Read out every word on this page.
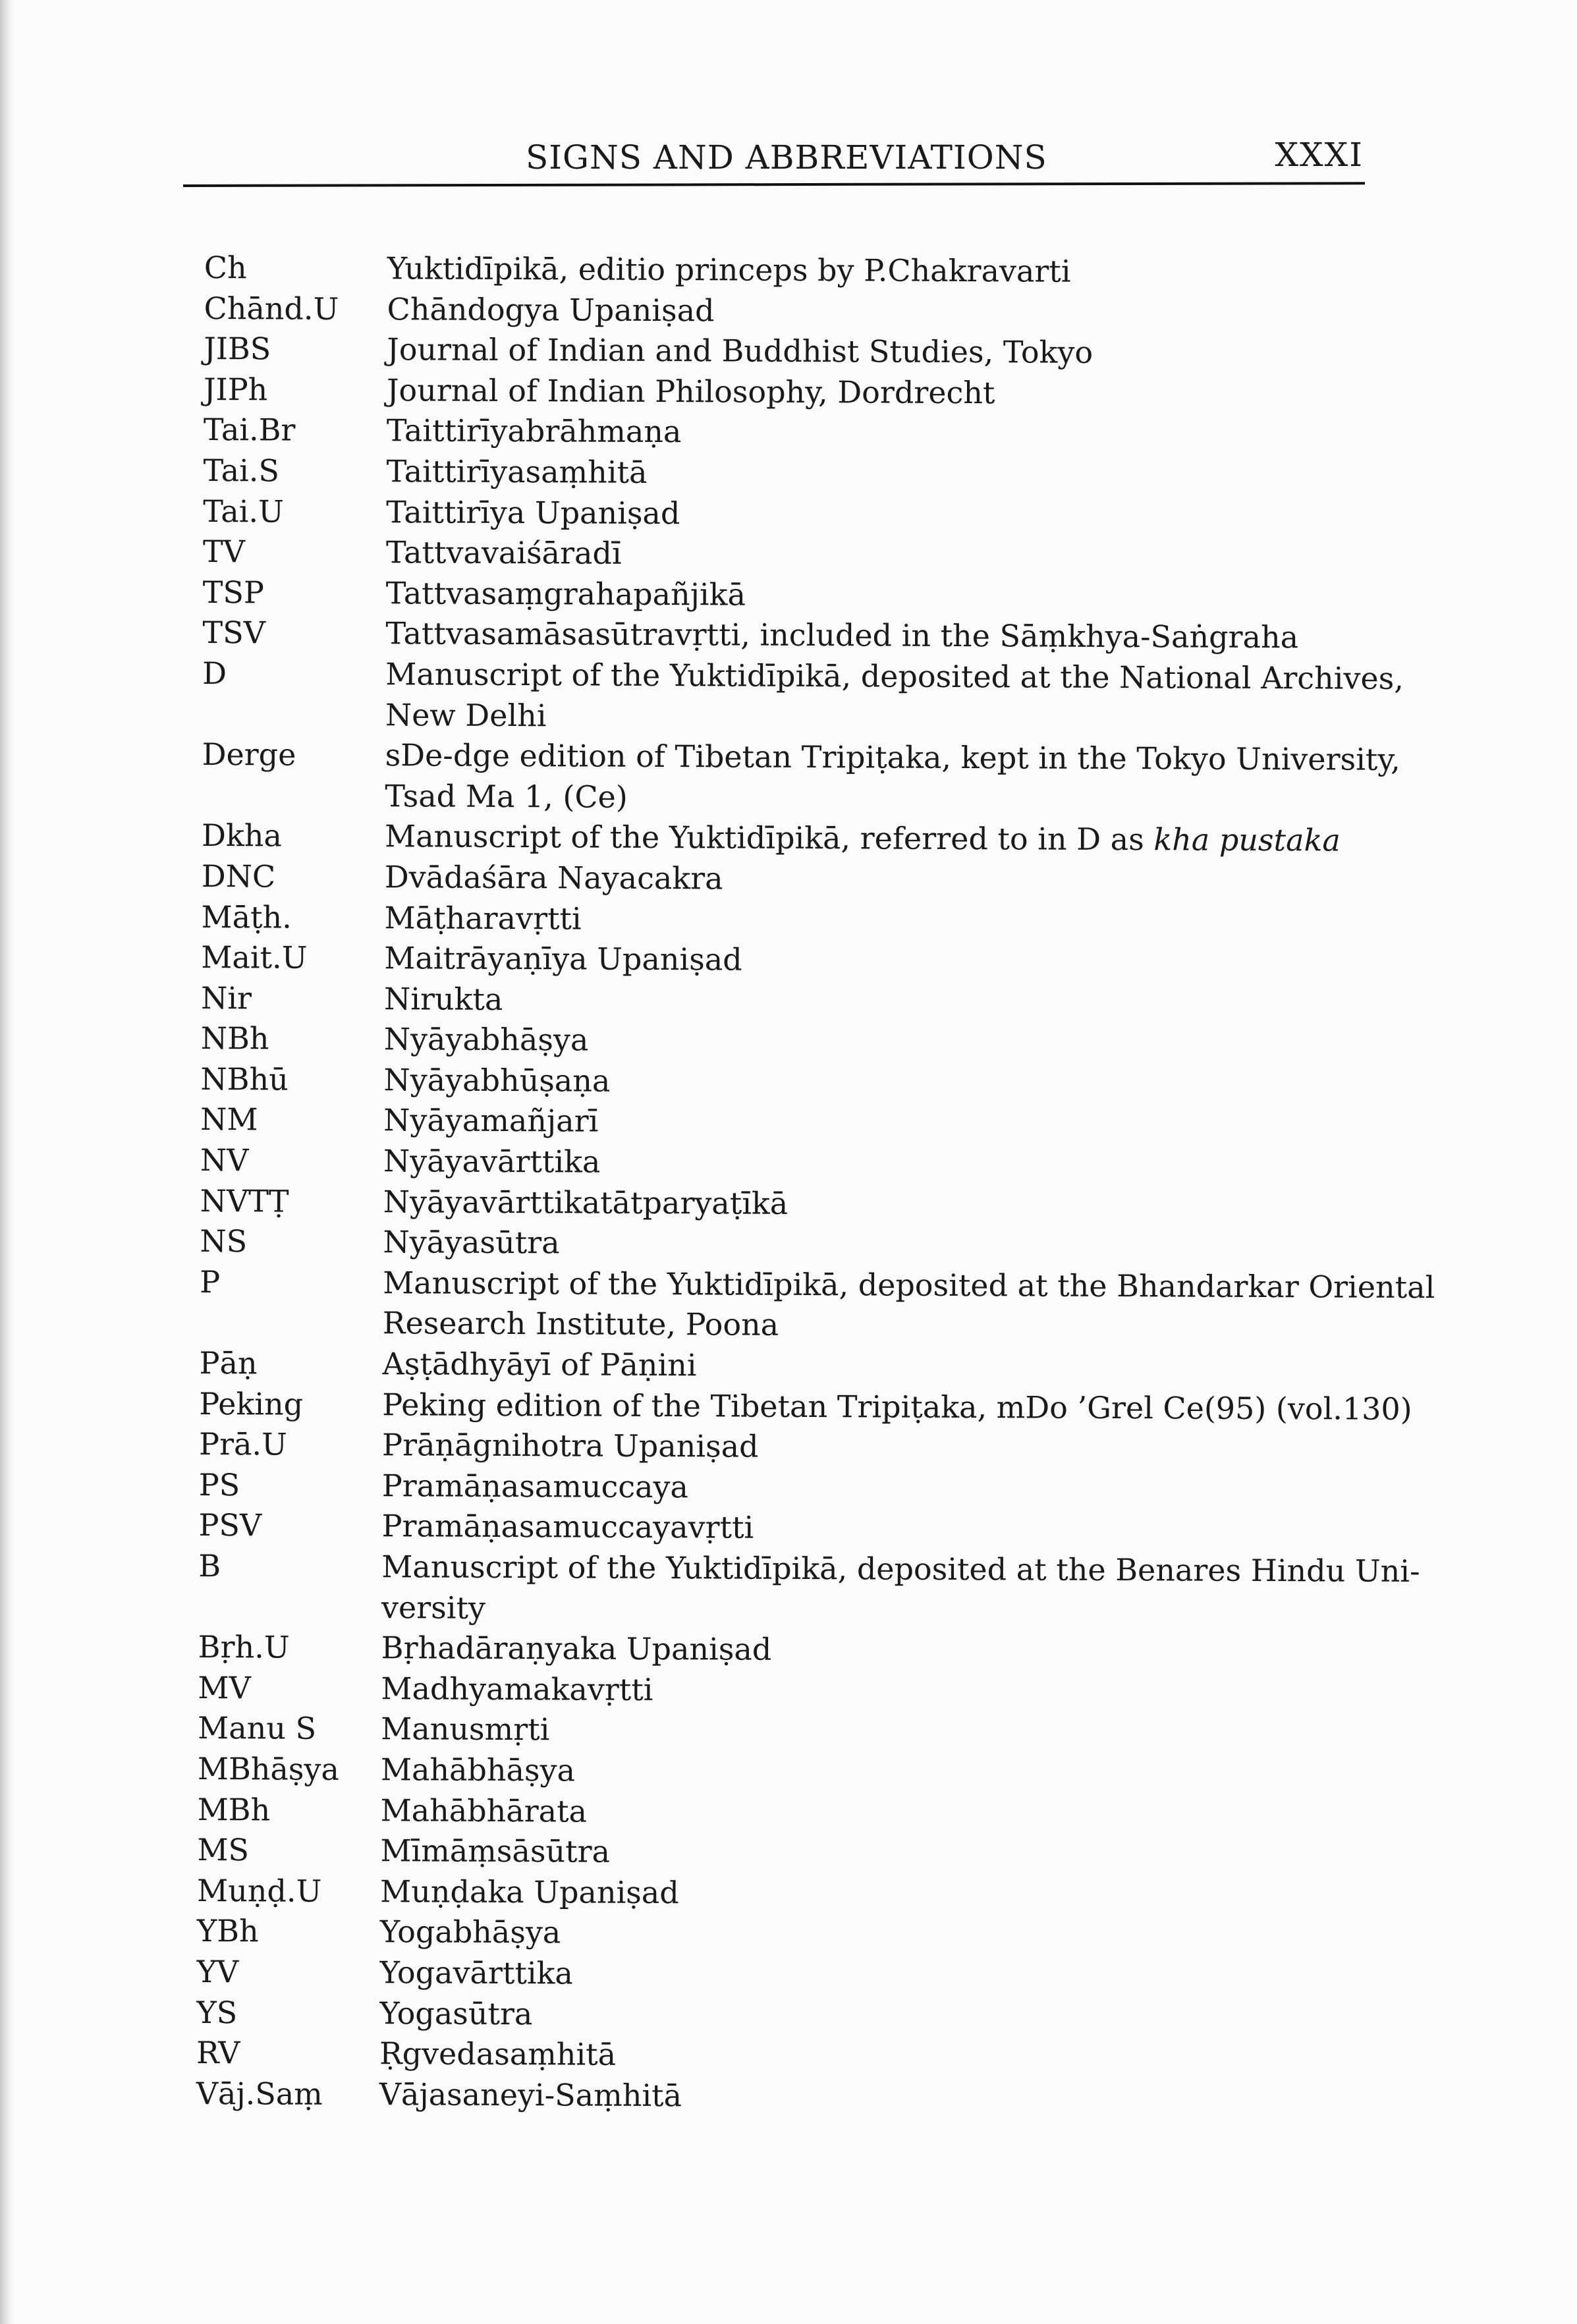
SIGNS AND ABBREVIATIONS	XXXI
Ch	Yuktidīpikā, editio princeps by P.Chakravarti
Chānd.U	Chāndogya Upaniṣad
JIBS	Journal of Indian and Buddhist Studies, Tokyo
JIPh	Journal of Indian Philosophy, Dordrecht
Tai.Br	Taittirīyabrāhmaṇa
Tai.S	Taittirīyasaṃhitā
Tai.U	Taittirīya Upaniṣad
TV	Tattvavaiśāradī
TSP	Tattvasaṃgrahapañjikā
TSV	Tattvasamāsasūtravṛtti, included in the Sāṃkhya-Saṅgraha
D	Manuscript of the Yuktidīpikā, deposited at the National Archives,
New Delhi
Derge	sDe-dge edition of Tibetan Tripiṭaka, kept in the Tokyo University,
Tsad Ma 1, (Ce)
Dkha	Manuscript of the Yuktidīpikā, referred to in D as kha pustaka
DNC	Dvādaśāra Nayacakra
Māṭh.	Māṭharavṛtti
Mait.U	Maitrāyaṇīya Upaniṣad
Nir	Nirukta
NBh	Nyāyabhāṣya
NBhū	Nyāyabhūṣaṇa
NM	Nyāyamañjarī
NV	Nyāyavārttika
NVTṬ	Nyāyavārttikatātparyaṭīkā
NS	Nyāyasūtra
P	Manuscript of the Yuktidīpikā, deposited at the Bhandarkar Oriental
Research Institute, Poona
Pāṇ	Aṣṭādhyāyī of Pāṇini
Peking	Peking edition of the Tibetan Tripiṭaka, mDo ’Grel Ce(95) (vol.130)
Prā.U	Prāṇāgnihotra Upaniṣad
PS	Pramāṇasamuccaya
PSV	Pramāṇasamuccayavṛtti
B	Manuscript of the Yuktidīpikā, deposited at the Benares Hindu Uni-
versity
Bṛh.U	Bṛhadāraṇyaka Upaniṣad
MV	Madhyamakavṛtti
Manu S	Manusmṛti
MBhāṣya	Mahābhāṣya
MBh	Mahābhārata
MS	Mīmāṃsāsūtra
Muṇḍ.U	Muṇḍaka Upaniṣad
YBh	Yogabhāṣya
YV	Yogavārttika
YS	Yogasūtra
RV	Ṛgvedasaṃhitā
Vāj.Saṃ	Vājasaneyi-Saṃhitā
